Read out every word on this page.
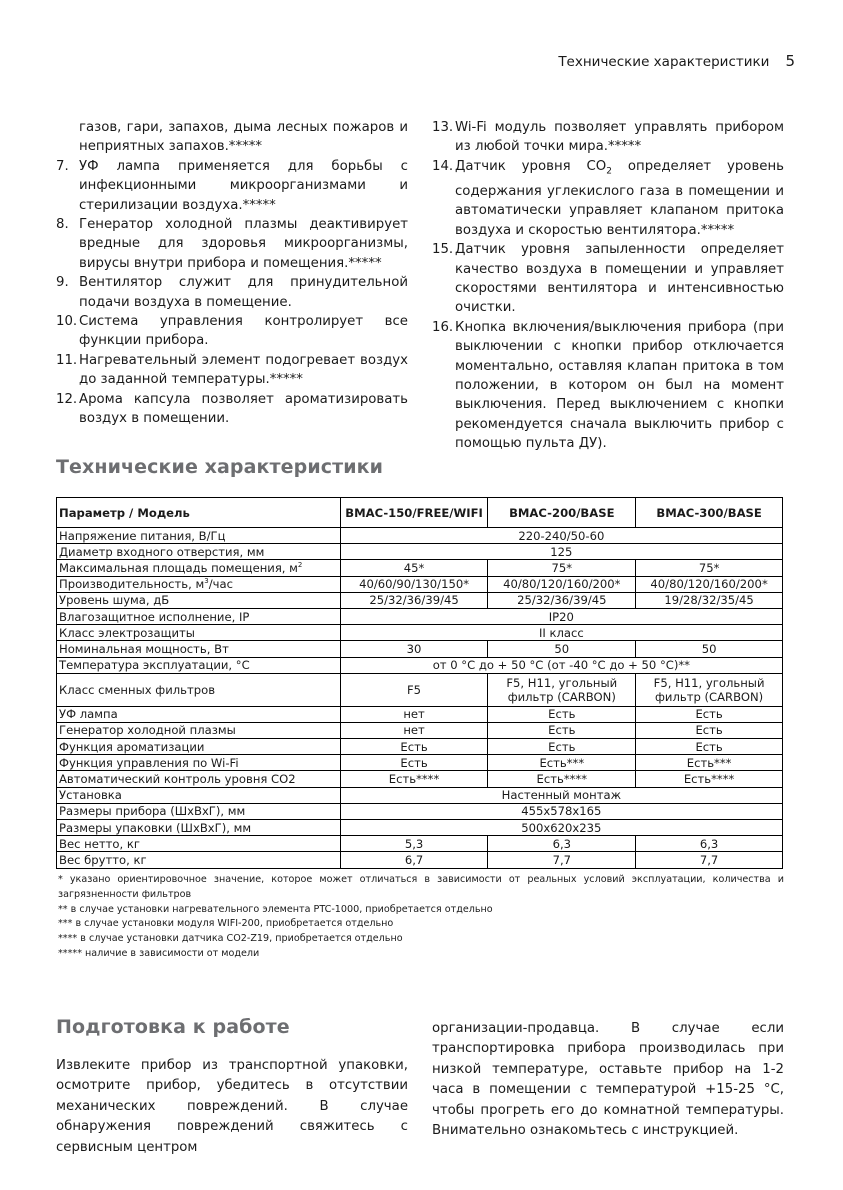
Технические характеристики 5
газов, гари, запахов, дыма лесных пожаров и неприятных запахов.*****
7. УФ лампа применяется для борьбы с инфекционными микроорганизмами и стерилизации воздуха.*****
8. Генератор холодной плазмы деактивирует вредные для здоровья микроорганизмы, вирусы внутри прибора и помещения.*****
9. Вентилятор служит для принудительной подачи воздуха в помещение.
10. Система управления контролирует все функции прибора.
11. Нагревательный элемент подогревает воздух до заданной температуры.*****
12. Арома капсула позволяет ароматизировать воздух в помещении.
13. Wi-Fi модуль позволяет управлять прибором из любой точки мира.*****
14. Датчик уровня $CO_2$ определяет уровень содержания углекислого газа в помещении и автоматически управляет клапаном притока воздуха и скоростью вентилятора.*****
15. Датчик уровня запыленности определяет качество воздуха в помещении и управляет скоростями вентилятора и интенсивностью очистки.
16. Кнопка включения/выключения прибора (при выключении с кнопки прибор отключается моментально, оставляя клапан притока в том положении, в котором он был на момент выключения. Перед выключением с кнопки рекомендуется сначала выключить прибор с помощью пульта ДУ).
Технические характеристики
Параметр / Модель	BMAC-150/FREE/WIFI	BMAC-200/BASE	BMAC-300/BASE
Напряжение питания, В/Гц	220-240/50-60		
Диаметр входного отверстия, мм	125		
Максимальная площадь помещения, $м^2$	45*	75*	75*
Производительность, $м^3$/час	40/60/90/130/150*	40/80/120/160/200*	40/80/120/160/200*
Уровень шума, дБ	25/32/36/39/45	25/32/36/39/45	19/28/32/35/45
Влагозащитное исполнение, IP	IP20		
Класс электрозащиты	II класс		
Номинальная мощность, Вт	30	50	50
Температура эксплуатации, °C	от 0 °C до + 50 °C (от -40 °C до + 50 °C)**		
Класс сменных фильтров	F5	F5, H11, угольный фильтр (CARBON)	F5, H11, угольный фильтр (CARBON)
УФ лампа	нет	Есть	Есть
Генератор холодной плазмы	нет	Есть	Есть
Функция ароматизации	Есть	Есть	Есть
Функция управления по Wi-Fi	Есть	Есть***	Есть***
Автоматический контроль уровня CO2	Есть****	Есть****	Есть****
Установка	Настенный монтаж		
Размеры прибора (ШxВxГ), мм	455x578x165		
Размеры упаковки (ШxВxГ), мм	500x620x235		
Вес нетто, кг	5,3	6,3	6,3
Вес брутто, кг	6,7	7,7	7,7
* указано ориентировочное значение, которое может отличаться в зависимости от реальных условий эксплуатации, количества и загрязненности фильтров
** в случае установки нагревательного элемента PTC-1000, приобретается отдельно
*** в случае установки модуля WIFI-200, приобретается отдельно
**** в случае установки датчика CO2-Z19, приобретается отдельно
***** наличие в зависимости от модели
Подготовка к работе
Извлеките прибор из транспортной упаковки, осмотрите прибор, убедитесь в отсутствии механических повреждений. В случае обнаружения повреждений свяжитесь с сервисным центром
организации-продавца. В случае если транспортировка прибора производилась при низкой температуре, оставьте прибор на 1-2 часа в помещении с температурой +15-25 °C, чтобы прогреть его до комнатной температуры. Внимательно ознакомьтесь с инструкцией.
